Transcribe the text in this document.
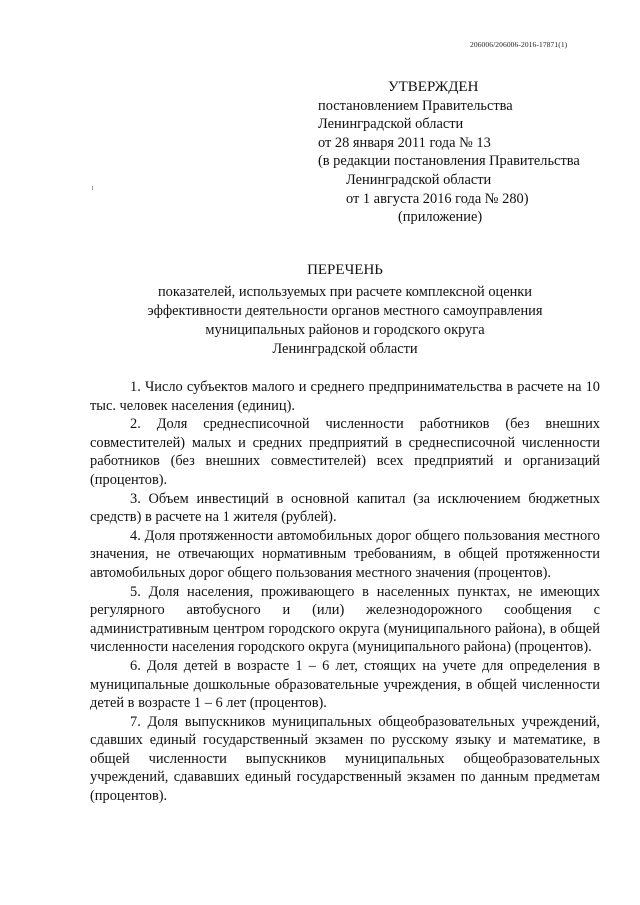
206006/206006-2016-17871(1)
УТВЕРЖДЕН
постановлением Правительства
Ленинградской области
от 28 января 2011 года № 13
(в редакции постановления Правительства
Ленинградской области
от 1 августа 2016 года № 280)
(приложение)
ПЕРЕЧЕНЬ
показателей, используемых при расчете комплексной оценки
эффективности деятельности органов местного самоуправления
муниципальных районов и городского округа
Ленинградской области

1. Число субъектов малого и среднего предпринимательства в расчете на 10 тыс. человек населения (единиц).

2. Доля среднесписочной численности работников (без внешних совместителей) малых и средних предприятий в среднесписочной численности работников (без внешних совместителей) всех предприятий и организаций (процентов).

3. Объем инвестиций в основной капитал (за исключением бюджетных средств) в расчете на 1 жителя (рублей).

4. Доля протяженности автомобильных дорог общего пользования местного значения, не отвечающих нормативным требованиям, в общей протяженности автомобильных дорог общего пользования местного значения (процентов).

5. Доля населения, проживающего в населенных пунктах, не имеющих регулярного автобусного и (или) железнодорожного сообщения с административным центром городского округа (муниципального района), в общей численности населения городского округа (муниципального района) (процентов).

6. Доля детей в возрасте 1 – 6 лет, стоящих на учете для определения в муниципальные дошкольные образовательные учреждения, в общей численности детей в возрасте 1 – 6 лет (процентов).

7. Доля выпускников муниципальных общеобразовательных учреждений, сдавших единый государственный экзамен по русскому языку и математике, в общей численности выпускников муниципальных общеобразовательных учреждений, сдававших единый государственный экзамен по данным предметам (процентов).
